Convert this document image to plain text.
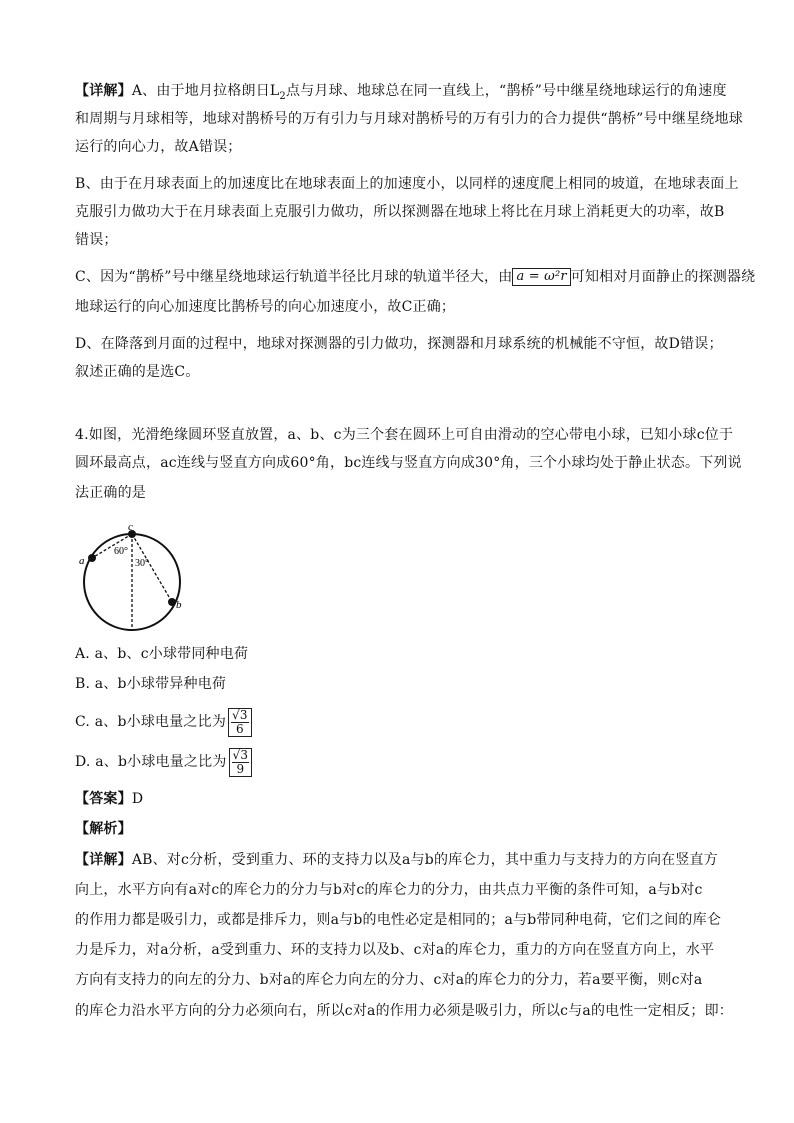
【详解】A、由于地月拉格朗日$L_2$点与月球、地球总在同一直线上，“鹊桥”号中继星绕地球运行的角速度
和周期与月球相等，地球对鹊桥号的万有引力与月球对鹊桥号的万有引力的合力提供“鹊桥”号中继星绕地球
运行的向心力，故A错误；
B、由于在月球表面上的加速度比在地球表面上的加速度小，以同样的速度爬上相同的坡道，在地球表面上
克服引力做功大于在月球表面上克服引力做功，所以探测器在地球上将比在月球上消耗更大的功率，故B
错误；
C、因为“鹊桥”号中继星绕地球运行轨道半径比月球的轨道半径大，由 a = ω²r 可知相对月面静止的探测器绕
地球运行的向心加速度比鹊桥号的向心加速度小，故C正确；
D、在降落到月面的过程中，地球对探测器的引力做功，探测器和月球系统的机械能不守恒，故D错误；
叙述正确的是选C。
4.如图，光滑绝缘圆环竖直放置，a、b、c为三个套在圆环上可自由滑动的空心带电小球，已知小球c位于
圆环最高点，ac连线与竖直方向成60°角，bc连线与竖直方向成30°角，三个小球均处于静止状态。下列说
法正确的是
c
a
b
60°
30°
A. a、b、c小球带同种电荷
B. a、b小球带异种电荷
C. a、b小球电量之比为 $\frac{√3}{6}$
D. a、b小球电量之比为 $\frac{√3}{9}$
【答案】D
【解析】
【详解】AB、对c分析，受到重力、环的支持力以及a与b的库仑力，其中重力与支持力的方向在竖直方
向上，水平方向有a对c的库仑力的分力与b对c的库仑力的分力，由共点力平衡的条件可知，a与b对c
的作用力都是吸引力，或都是排斥力，则a与b的电性必定是相同的；a与b带同种电荷，它们之间的库仑
力是斥力，对a分析，a受到重力、环的支持力以及b、c对a的库仑力，重力的方向在竖直方向上，水平
方向有支持力的向左的分力、b对a的库仑力向左的分力、c对a的库仑力的分力，若a要平衡，则c对a
的库仑力沿水平方向的分力必须向右，所以c对a的作用力必须是吸引力，所以c与a的电性一定相反；即：
